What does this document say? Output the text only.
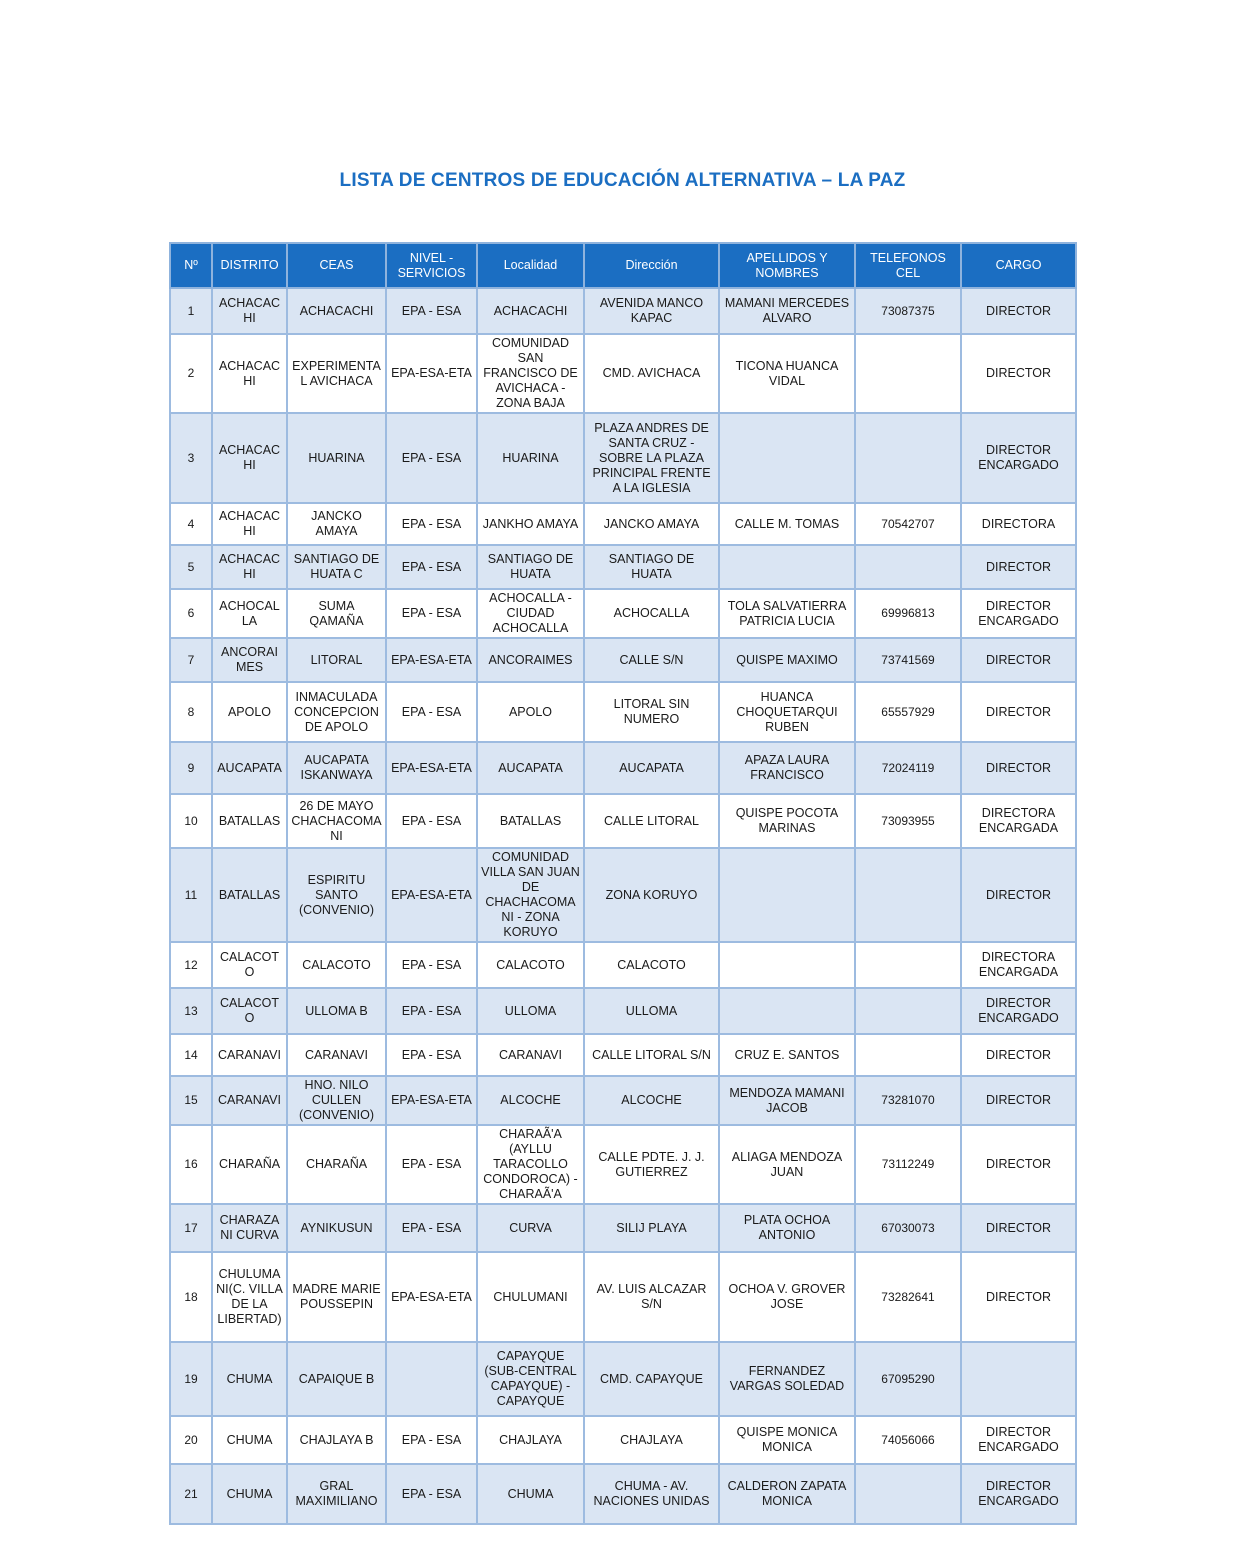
LISTA DE CENTROS DE EDUCACIÓN ALTERNATIVA – LA PAZ
Nº	DISTRITO	CEAS	NIVEL - SERVICIOS	Localidad	Dirección	APELLIDOS Y NOMBRES	TELEFONOS CEL	CARGO
1	ACHACACHI	ACHACACHI	EPA - ESA	ACHACACHI	AVENIDA MANCO KAPAC	MAMANI MERCEDES ALVARO	73087375	DIRECTOR
2	ACHACACHI	EXPERIMENTAL AVICHACA	EPA-ESA-ETA	COMUNIDAD SAN FRANCISCO DE AVICHACA - ZONA BAJA	CMD. AVICHACA	TICONA HUANCA VIDAL		DIRECTOR
3	ACHACACHI	HUARINA	EPA - ESA	HUARINA	PLAZA ANDRES DE SANTA CRUZ - SOBRE LA PLAZA PRINCIPAL FRENTE A LA IGLESIA			DIRECTOR ENCARGADO
4	ACHACACHI	JANCKO AMAYA	EPA - ESA	JANKHO AMAYA	JANCKO AMAYA	CALLE M. TOMAS	70542707	DIRECTORA
5	ACHACACHI	SANTIAGO DE HUATA C	EPA - ESA	SANTIAGO DE HUATA	SANTIAGO DE HUATA			DIRECTOR
6	ACHOCALLA	SUMA QAMAÑA	EPA - ESA	ACHOCALLA - CIUDAD ACHOCALLA	ACHOCALLA	TOLA SALVATIERRA PATRICIA LUCIA	69996813	DIRECTOR ENCARGADO
7	ANCORAIMES	LITORAL	EPA-ESA-ETA	ANCORAIMES	CALLE S/N	QUISPE MAXIMO	73741569	DIRECTOR
8	APOLO	INMACULADA CONCEPCION DE APOLO	EPA - ESA	APOLO	LITORAL SIN NUMERO	HUANCA CHOQUETARQUI RUBEN	65557929	DIRECTOR
9	AUCAPATA	AUCAPATA ISKANWAYA	EPA-ESA-ETA	AUCAPATA	AUCAPATA	APAZA LAURA FRANCISCO	72024119	DIRECTOR
10	BATALLAS	26 DE MAYO CHACHACOMANI	EPA - ESA	BATALLAS	CALLE LITORAL	QUISPE POCOTA MARINAS	73093955	DIRECTORA ENCARGADA
11	BATALLAS	ESPIRITU SANTO (CONVENIO)	EPA-ESA-ETA	COMUNIDAD VILLA SAN JUAN DE CHACHACOMANI - ZONA KORUYO	ZONA KORUYO			DIRECTOR
12	CALACOTO	CALACOTO	EPA - ESA	CALACOTO	CALACOTO			DIRECTORA ENCARGADA
13	CALACOTO	ULLOMA B	EPA - ESA	ULLOMA	ULLOMA			DIRECTOR ENCARGADO
14	CARANAVI	CARANAVI	EPA - ESA	CARANAVI	CALLE LITORAL S/N	CRUZ E. SANTOS		DIRECTOR
15	CARANAVI	HNO. NILO CULLEN (CONVENIO)	EPA-ESA-ETA	ALCOCHE	ALCOCHE	MENDOZA MAMANI JACOB	73281070	DIRECTOR
16	CHARAÑA	CHARAÑA	EPA - ESA	CHARAÃ'A (AYLLU TARACOLLO CONDOROCA) - CHARAÃ'A	CALLE PDTE. J. J. GUTIERREZ	ALIAGA MENDOZA JUAN	73112249	DIRECTOR
17	CHARAZANI CURVA	AYNIKUSUN	EPA - ESA	CURVA	SILIJ PLAYA	PLATA OCHOA ANTONIO	67030073	DIRECTOR
18	CHULUMANI(C. VILLA DE LA LIBERTAD)	MADRE MARIE POUSSEPIN	EPA-ESA-ETA	CHULUMANI	AV. LUIS ALCAZAR S/N	OCHOA V. GROVER JOSE	73282641	DIRECTOR
19	CHUMA	CAPAIQUE B		CAPAYQUE (SUB-CENTRAL CAPAYQUE) - CAPAYQUE	CMD. CAPAYQUE	FERNANDEZ VARGAS SOLEDAD	67095290	
20	CHUMA	CHAJLAYA B	EPA - ESA	CHAJLAYA	CHAJLAYA	QUISPE MONICA MONICA	74056066	DIRECTOR ENCARGADO
21	CHUMA	GRAL MAXIMILIANO	EPA - ESA	CHUMA	CHUMA - AV. NACIONES UNIDAS	CALDERON ZAPATA MONICA		DIRECTOR ENCARGADO
